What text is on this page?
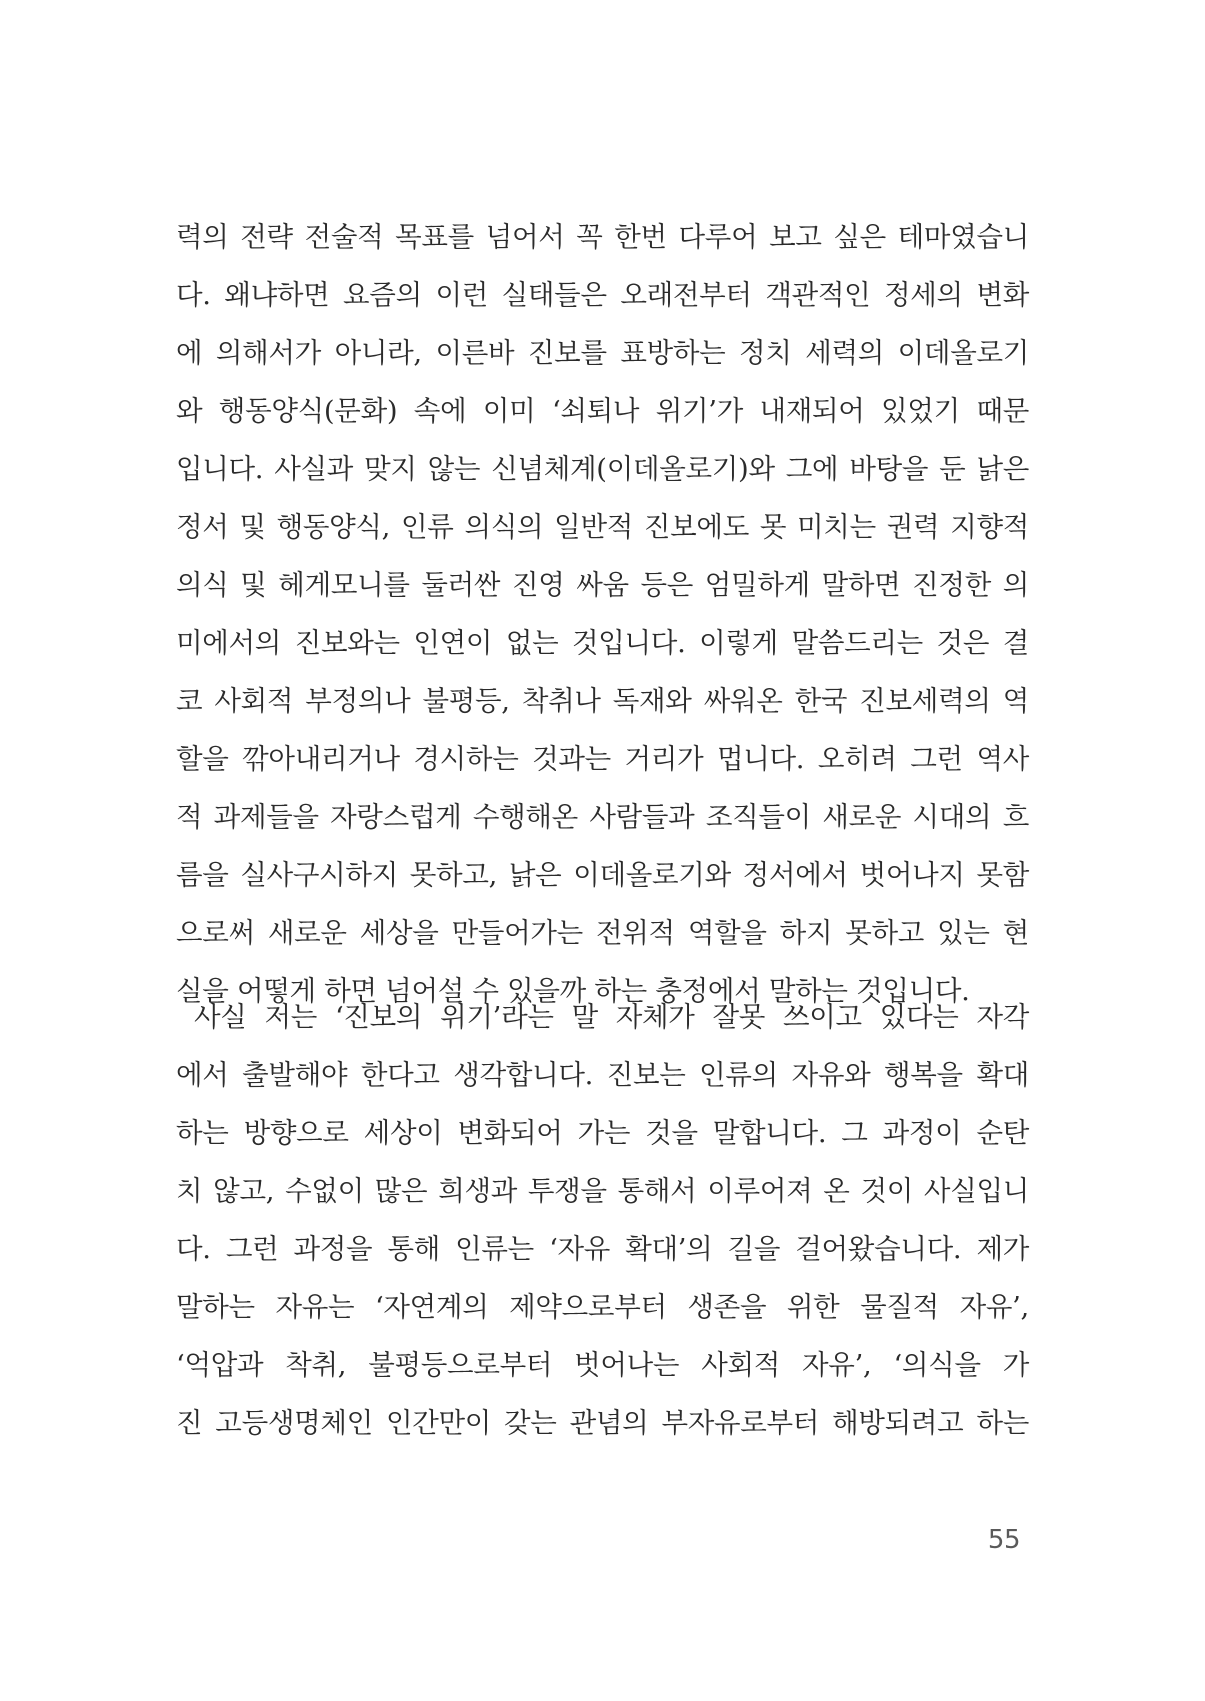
력의 전략 전술적 목표를 넘어서 꼭 한번 다루어 보고 싶은 테마였습니
다. 왜냐하면 요즘의 이런 실태들은 오래전부터 객관적인 정세의 변화
에 의해서가 아니라, 이른바 진보를 표방하는 정치 세력의 이데올로기
와 행동양식(문화) 속에 이미 ‘쇠퇴나 위기’가 내재되어 있었기 때문
입니다. 사실과 맞지 않는 신념체계(이데올로기)와 그에 바탕을 둔 낡은
정서 및 행동양식, 인류 의식의 일반적 진보에도 못 미치는 권력 지향적
의식 및 헤게모니를 둘러싼 진영 싸움 등은 엄밀하게 말하면 진정한 의
미에서의 진보와는 인연이 없는 것입니다. 이렇게 말씀드리는 것은 결
코 사회적 부정의나 불평등, 착취나 독재와 싸워온 한국 진보세력의 역
할을 깎아내리거나 경시하는 것과는 거리가 멉니다. 오히려 그런 역사
적 과제들을 자랑스럽게 수행해온 사람들과 조직들이 새로운 시대의 흐
름을 실사구시하지 못하고, 낡은 이데올로기와 정서에서 벗어나지 못함
으로써 새로운 세상을 만들어가는 전위적 역할을 하지 못하고 있는 현
실을 어떻게 하면 넘어설 수 있을까 하는 충정에서 말하는 것입니다.
사실 저는 ‘진보의 위기’라는 말 자체가 잘못 쓰이고 있다는 자각
에서 출발해야 한다고 생각합니다. 진보는 인류의 자유와 행복을 확대
하는 방향으로 세상이 변화되어 가는 것을 말합니다. 그 과정이 순탄
치 않고, 수없이 많은 희생과 투쟁을 통해서 이루어져 온 것이 사실입니
다. 그런 과정을 통해 인류는 ‘자유 확대’의 길을 걸어왔습니다. 제가
말하는 자유는 ‘자연계의 제약으로부터 생존을 위한 물질적 자유’,
‘억압과 착취, 불평등으로부터 벗어나는 사회적 자유’, ‘의식을 가
진 고등생명체인 인간만이 갖는 관념의 부자유로부터 해방되려고 하는
55
